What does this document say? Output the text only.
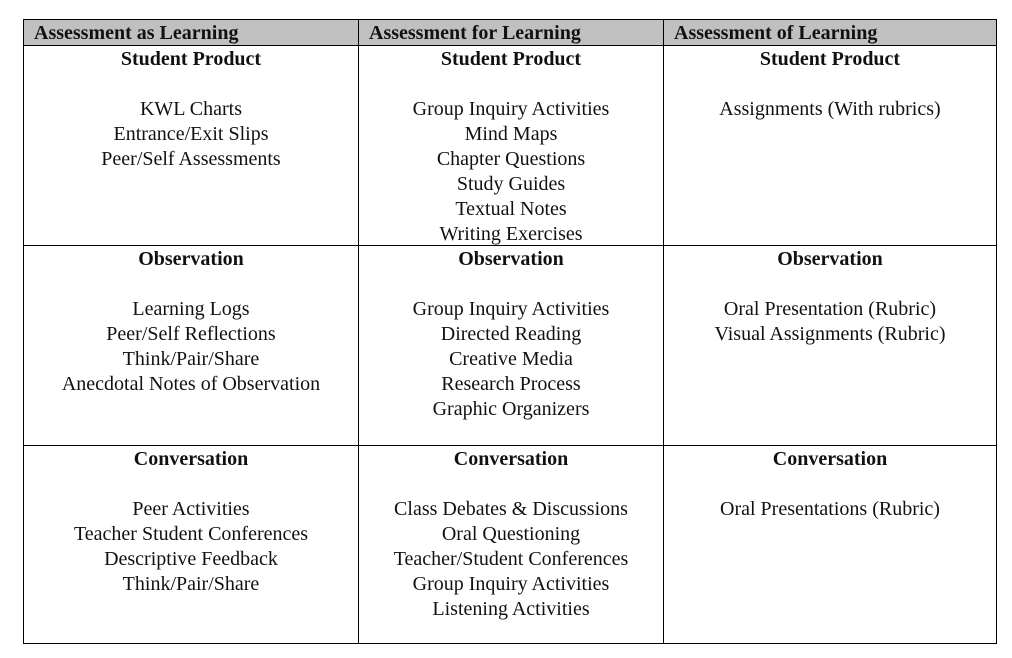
Assessment as Learning	Assessment for Learning	Assessment of Learning
Student Product
KWL Charts
Entrance/Exit Slips
Peer/Self Assessments
Student Product
Group Inquiry Activities
Mind Maps
Chapter Questions
Study Guides
Textual Notes
Writing Exercises
Student Product
Assignments (With rubrics)
Observation
Learning Logs
Peer/Self Reflections
Think/Pair/Share
Anecdotal Notes of Observation
Observation
Group Inquiry Activities
Directed Reading
Creative Media
Research Process
Graphic Organizers
Observation
Oral Presentation (Rubric)
Visual Assignments (Rubric)
Conversation
Peer Activities
Teacher Student Conferences
Descriptive Feedback
Think/Pair/Share
Conversation
Class Debates & Discussions
Oral Questioning
Teacher/Student Conferences
Group Inquiry Activities
Listening Activities
Conversation
Oral Presentations (Rubric)
